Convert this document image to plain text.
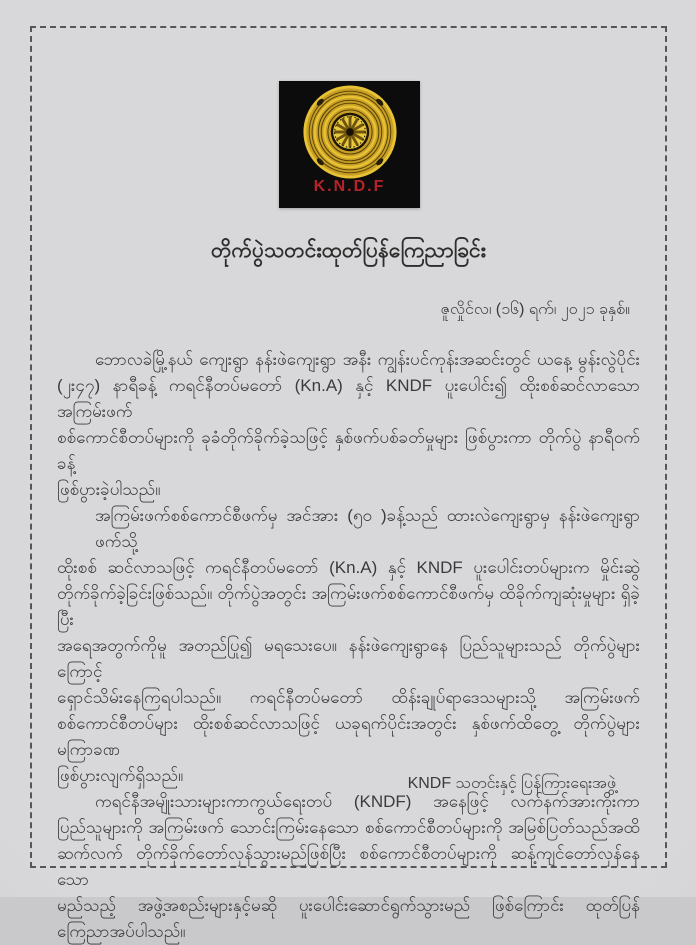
K.N.D.F
တိုက်ပွဲသတင်းထုတ်ပြန်ကြေညာခြင်း
ဇူလှိုင်လ၊ (၁၆) ရက်၊ ၂၀၂၁ ခုနှစ်။
ဘောလခဲမြို့နယ် ကျေးရွာ နန်းဖဲကျေးရွာ အနီး ကျွန်းပင်ကုန်းအဆင်းတွင် ယနေ့ မွန်းလွဲပိုင်း
(၂း၄၇) နာရီခန့် ကရင်နီတပ်မတော် (Kn.A) နှင့် KNDF ပူးပေါင်း၍ ထိုးစစ်ဆင်လာသော အကြမ်းဖက်
စစ်ကောင်စီတပ်များကို ခုခံတိုက်ခိုက်ခဲ့သဖြင့် နှစ်ဖက်ပစ်ခတ်မှုများ ဖြစ်ပွားကာ တိုက်ပွဲ နာရီဝက်ခန့်
ဖြစ်ပွားခဲ့ပါသည်။
အကြမ်းဖက်စစ်ကောင်စီဖက်မှ အင်အား (၅၀ )ခန့်သည် ထားလဲကျေးရွာမှ နန်းဖဲကျေးရွာဖက်သို့
ထိုးစစ် ဆင်လာသဖြင့် ကရင်နီတပ်မတော် (Kn.A) နှင့် KNDF ပူးပေါင်းတပ်များက မှိုင်းဆွဲ
တိုက်ခိုက်ခဲ့ခြင်းဖြစ်သည်။ တိုက်ပွဲအတွင်း အကြမ်းဖက်စစ်ကောင်စီဖက်မှ ထိခိုက်ကျဆုံးမှုများ ရှိခဲ့ပြီး
အရေအတွက်ကိုမူ အတည်ပြု၍ မရသေးပေ။ နန်းဖဲကျေးရွာနေ ပြည်သူများသည် တိုက်ပွဲများကြောင့်
ရှောင်သိမ်းနေကြရပါသည်။ ကရင်နီတပ်မတော် ထိန်းချုပ်ရာဒေသများသို့ အကြမ်းဖက်
စစ်ကောင်စီတပ်များ ထိုးစစ်ဆင်လာသဖြင့် ယခုရက်ပိုင်းအတွင်း နှစ်ဖက်ထိတွေ့ တိုက်ပွဲများမကြာခဏ
ဖြစ်ပွားလျက်ရှိသည်။
ကရင်နီအမျိုးသားများကာကွယ်ရေးတပ် (KNDF) အနေဖြင့် လက်နက်အားကိုးကာ
ပြည်သူများကို အကြမ်းဖက် သောင်းကြမ်းနေသော စစ်ကောင်စီတပ်များကို အမြစ်ပြတ်သည်အထိ
ဆက်လက် တိုက်ခိုက်တော်လှန်သွားမည်ဖြစ်ပြီး စစ်ကောင်စီတပ်များကို ဆန့်ကျင်တော်လှန်နေသော
မည်သည့် အဖွဲ့အစည်းများနှင့်မဆို ပူးပေါင်းဆောင်ရွက်သွားမည် ဖြစ်ကြောင်း ထုတ်ပြန်
ကြေညာအပ်ပါသည်။
KNDF သတင်းနှင့် ပြန်ကြားရေးအဖွဲ့
